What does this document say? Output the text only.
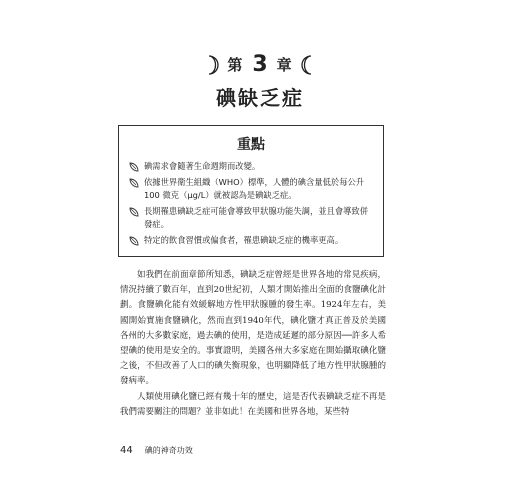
第 3 章
碘缺乏症
重點
碘需求會隨著生命週期而改變。
依據世界衛生組織（WHO）標準，人體的碘含量低於每公升 100 微克（μg/L）就被認為是碘缺乏症。
長期罹患碘缺乏症可能會導致甲狀腺功能失調，並且會導致併發症。
特定的飲食習慣或偏食者，罹患碘缺乏症的機率更高。

如我們在前面章節所知悉，碘缺乏症曾經是世界各地的常見疾病，情況持續了數百年，直到20世紀初，人類才開始推出全面的食鹽碘化計劃。食鹽碘化能有效緩解地方性甲狀腺腫的發生率。1924年左右，美國開始實施食鹽碘化，然而直到1940年代，碘化鹽才真正普及於美國各州的大多數家庭，過去碘的使用，是造成延遲的部分原因──許多人希望碘的使用是安全的。事實證明，美國各州大多家庭在開始攝取碘化鹽之後，不但改善了人口的碘失衡現象，也明顯降低了地方性甲狀腺腫的發病率。

人類使用碘化鹽已經有幾十年的歷史，這是否代表碘缺乏症不再是我們需要關注的問題？並非如此！在美國和世界各地，某些特

44 碘的神奇功效
